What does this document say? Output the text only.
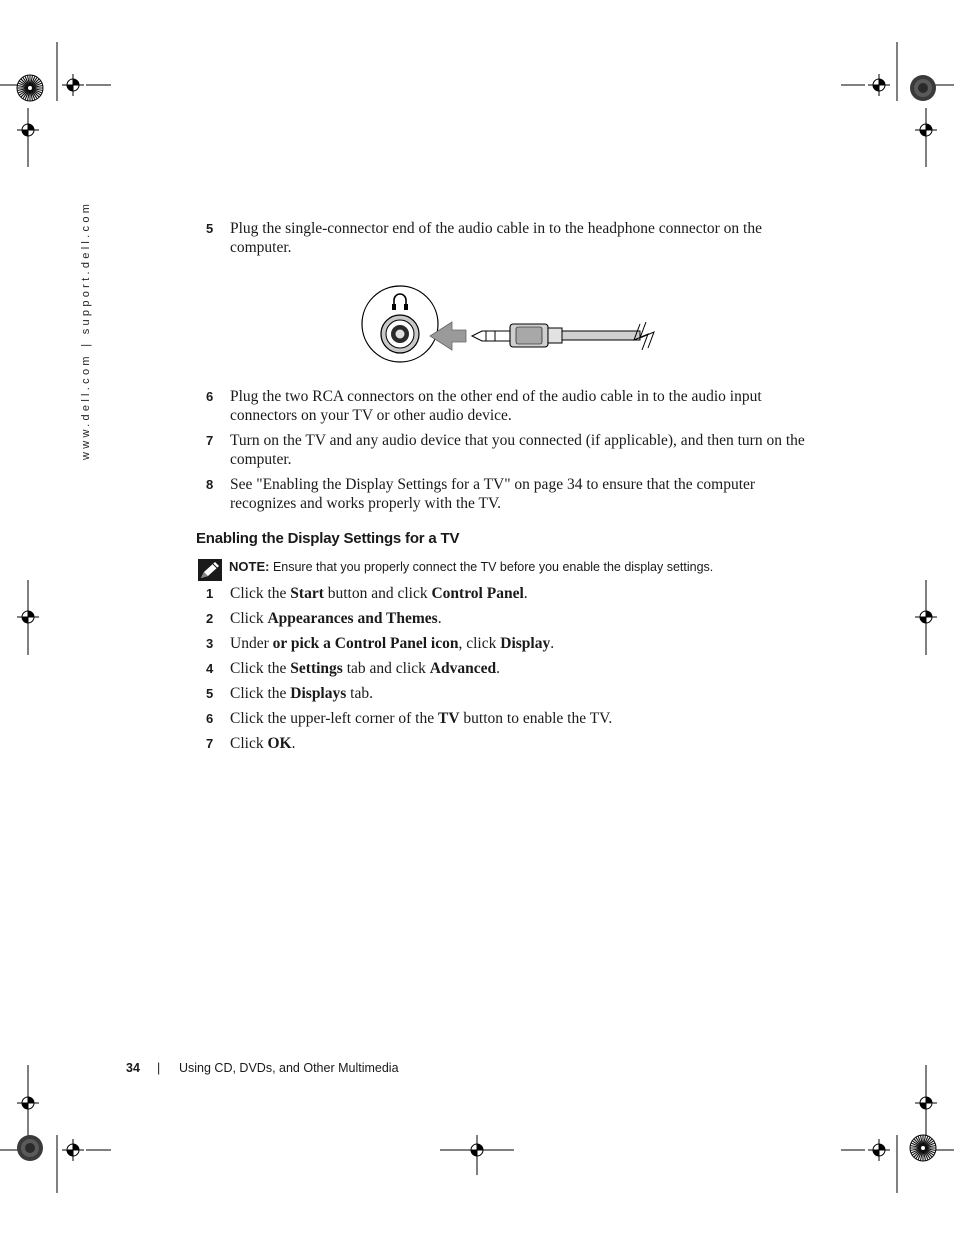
www.dell.com | support.dell.com	5 Plug the single-connector end of the audio cable in to the headphone connector on the computer.
6 Plug the two RCA connectors on the other end of the audio cable in to the audio input connectors on your TV or other audio device.
7 Turn on the TV and any audio device that you connected (if applicable), and then turn on the computer.
8 See "Enabling the Display Settings for a TV" on page 34 to ensure that the computer recognizes and works properly with the TV.
Enabling the Display Settings for a TV
NOTE: Ensure that you properly connect the TV before you enable the display settings.
1 Click the Start button and click Control Panel.
2 Click Appearances and Themes.
3 Under or pick a Control Panel icon, click Display.
4 Click the Settings tab and click Advanced.
5 Click the Displays tab.
6 Click the upper-left corner of the TV button to enable the TV.
7 Click OK.
34 | Using CD, DVDs, and Other Multimedia
